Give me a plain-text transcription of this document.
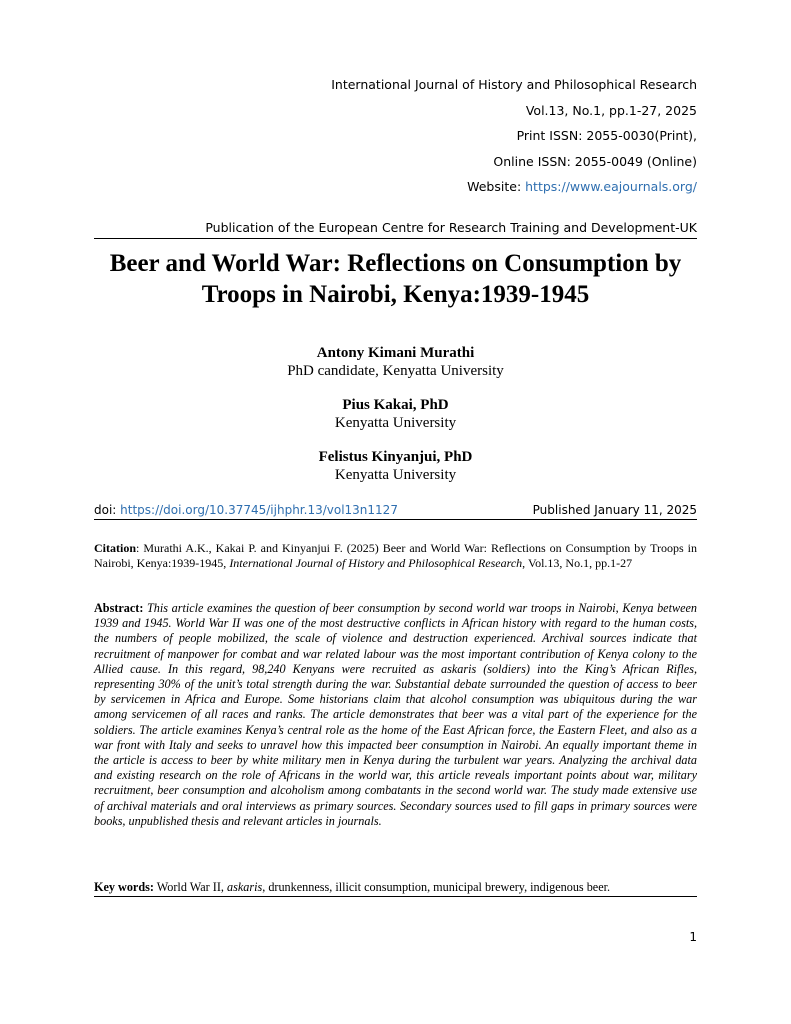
International Journal of History and Philosophical Research
Vol.13, No.1, pp.1-27, 2025
Print ISSN: 2055-0030(Print),
Online ISSN: 2055-0049 (Online)
Website: https://www.eajournals.org/
Publication of the European Centre for Research Training and Development-UK
Beer and World War: Reflections on Consumption by
Troops in Nairobi, Kenya:1939-1945
Antony Kimani Murathi
PhD candidate, Kenyatta University
Pius Kakai, PhD
Kenyatta University
Felistus Kinyanjui, PhD
Kenyatta University
doi: https://doi.org/10.37745/ijhphr.13/vol13n1127	Published January 11, 2025
Citation: Murathi A.K., Kakai P. and Kinyanjui F. (2025) Beer and World War: Reflections on Consumption by Troops in Nairobi, Kenya:1939-1945, International Journal of History and Philosophical Research, Vol.13, No.1, pp.1-27
Abstract: This article examines the question of beer consumption by second world war troops in Nairobi, Kenya between 1939 and 1945. World War II was one of the most destructive conflicts in African history with regard to the human costs, the numbers of people mobilized, the scale of violence and destruction experienced. Archival sources indicate that recruitment of manpower for combat and war related labour was the most important contribution of Kenya colony to the Allied cause. In this regard, 98,240 Kenyans were recruited as askaris (soldiers) into the King’s African Rifles, representing 30% of the unit’s total strength during the war. Substantial debate surrounded the question of access to beer by servicemen in Africa and Europe. Some historians claim that alcohol consumption was ubiquitous during the war among servicemen of all races and ranks. The article demonstrates that beer was a vital part of the experience for the soldiers. The article examines Kenya’s central role as the home of the East African force, the Eastern Fleet, and also as a war front with Italy and seeks to unravel how this impacted beer consumption in Nairobi. An equally important theme in the article is access to beer by white military men in Kenya during the turbulent war years. Analyzing the archival data and existing research on the role of Africans in the world war, this article reveals important points about war, military recruitment, beer consumption and alcoholism among combatants in the second world war. The study made extensive use of archival materials and oral interviews as primary sources. Secondary sources used to fill gaps in primary sources were books, unpublished thesis and relevant articles in journals.
Key words: World War II, askaris, drunkenness, illicit consumption, municipal brewery, indigenous beer.
1
